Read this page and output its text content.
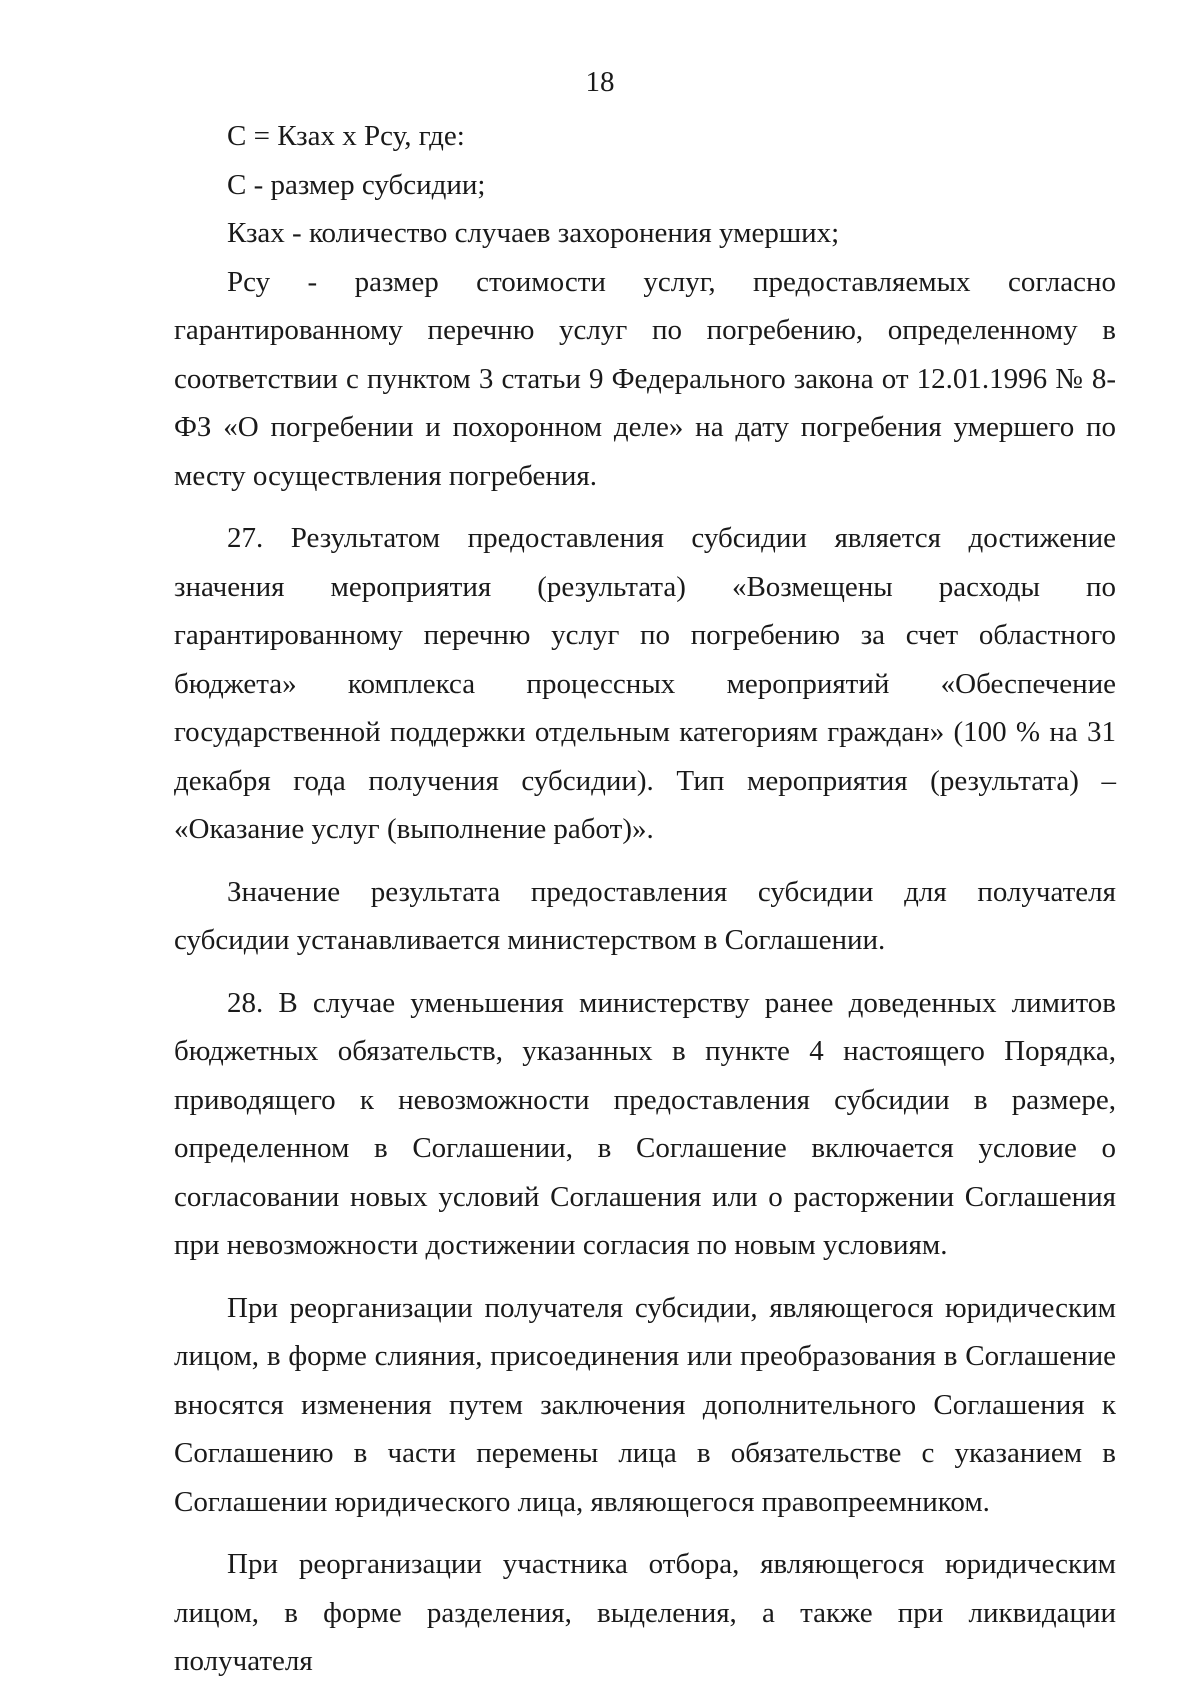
18

С = Кзах х Рсу, где:

С - размер субсидии;

Кзах - количество случаев захоронения умерших;

Рсу - размер стоимости услуг, предоставляемых согласно гарантированному перечню услуг по погребению, определенному в соответствии с пунктом 3 статьи 9 Федерального закона от 12.01.1996 № 8-ФЗ «О погребении и похоронном деле» на дату погребения умершего по месту осуществления погребения.

27. Результатом предоставления субсидии является достижение значения мероприятия (результата) «Возмещены расходы по гарантированному перечню услуг по погребению за счет областного бюджета» комплекса процессных мероприятий «Обеспечение государственной поддержки отдельным категориям граждан» (100 % на 31 декабря года получения субсидии). Тип мероприятия (результата) – «Оказание услуг (выполнение работ)».

Значение результата предоставления субсидии для получателя субсидии устанавливается министерством в Соглашении.

28. В случае уменьшения министерству ранее доведенных лимитов бюджетных обязательств, указанных в пункте 4 настоящего Порядка, приводящего к невозможности предоставления субсидии в размере, определенном в Соглашении, в Соглашение включается условие о согласовании новых условий Соглашения или о расторжении Соглашения при невозможности достижении согласия по новым условиям.

При реорганизации получателя субсидии, являющегося юридическим лицом, в форме слияния, присоединения или преобразования в Соглашение вносятся изменения путем заключения дополнительного Соглашения к Соглашению в части перемены лица в обязательстве с указанием в Соглашении юридического лица, являющегося правопреемником.

При реорганизации участника отбора, являющегося юридическим лицом, в форме разделения, выделения, а также при ликвидации получателя
